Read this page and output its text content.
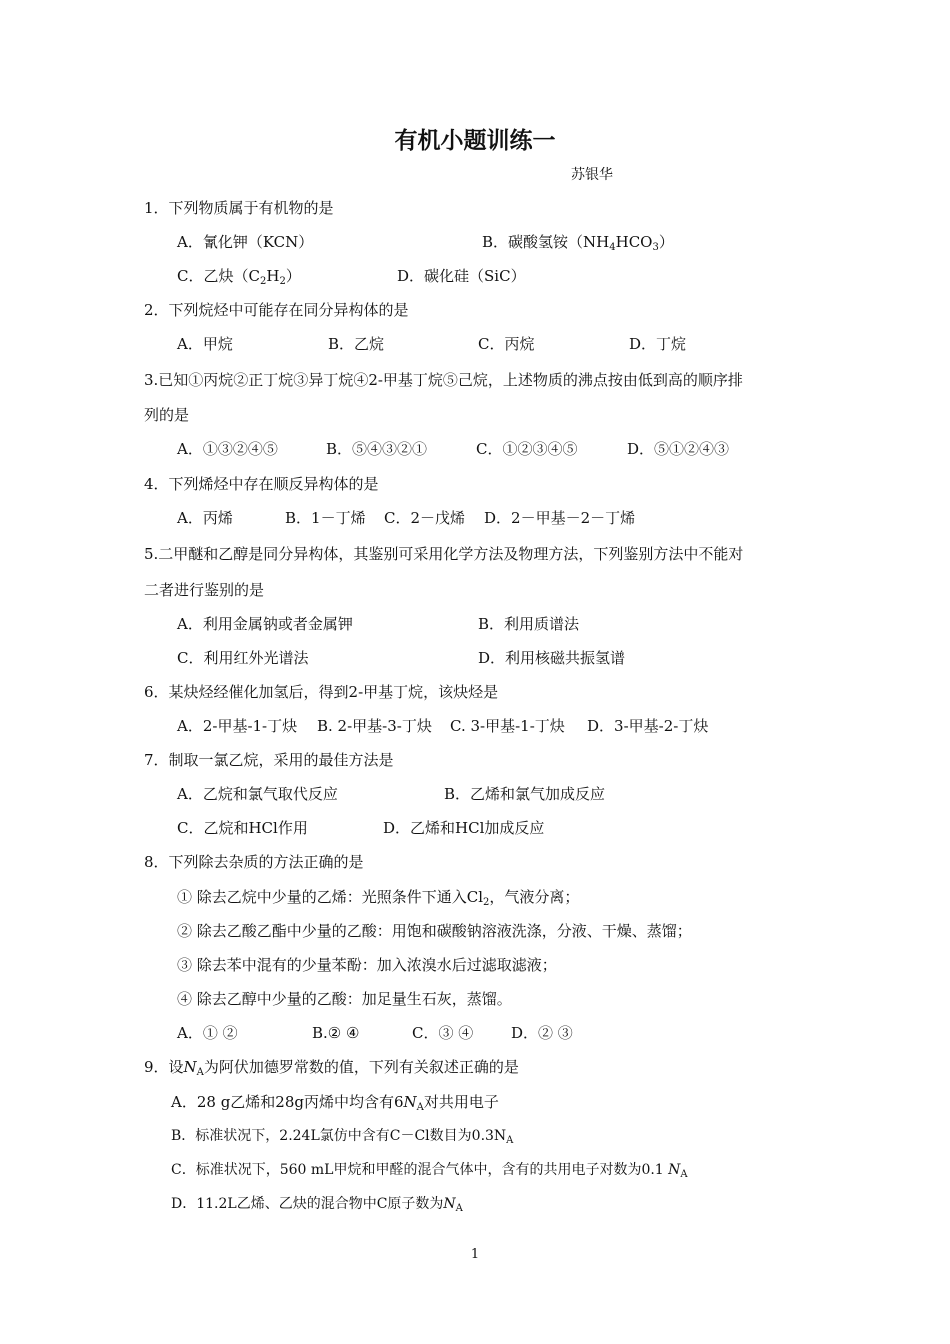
有机小题训练一
苏银华
1．下列物质属于有机物的是
A．氰化钾（KCN）	B．碳酸氢铵$(NH_4HCO_3)$
C．乙炔$(C_2H_2)$	D．碳化硅（SiC）
2．下列烷烃中可能存在同分异构体的是
A．甲烷	B．乙烷	C．丙烷	D．丁烷
3.已知①丙烷②正丁烷③异丁烷④2-甲基丁烷⑤己烷，上述物质的沸点按由低到高的顺序排
列的是
A．①③②④⑤	B．⑤④③②①	C．①②③④⑤	D．⑤①②④③
4．下列烯烃中存在顺反异构体的是
A．丙烯	B．1－丁烯 C．2－戊烯 D．2－甲基－2－丁烯
5.二甲醚和乙醇是同分异构体，其鉴别可采用化学方法及物理方法，下列鉴别方法中不能对
二者进行鉴别的是
A．利用金属钠或者金属钾	B．利用质谱法
C．利用红外光谱法	D．利用核磁共振氢谱
6．某炔烃经催化加氢后，得到2-甲基丁烷，该炔烃是
A．2-甲基-1-丁炔 B. 2-甲基-3-丁炔 C. 3-甲基-1-丁炔 D．3-甲基-2-丁炔
7．制取一氯乙烷，采用的最佳方法是
A．乙烷和氯气取代反应	B．乙烯和氯气加成反应
C．乙烷和HCl作用	D．乙烯和HCl加成反应
8．下列除去杂质的方法正确的是
① 除去乙烷中少量的乙烯：光照条件下通入$Cl_2$，气液分离；
② 除去乙酸乙酯中少量的乙酸：用饱和碳酸钠溶液洗涤，分液、干燥、蒸馏；
③ 除去苯中混有的少量苯酚：加入浓溴水后过滤取滤液；
④ 除去乙醇中少量的乙酸：加足量生石灰，蒸馏。
A．① ②	B.② ④	C．③ ④	D．② ③
9．设$N_A$为阿伏加德罗常数的值，下列有关叙述正确的是
A．28 g乙烯和28g丙烯中均含有$6N_A$对共用电子
B．标准状况下，2.24L氯仿中含有C－Cl数目为$0.3N_A$
C．标准状况下，560 mL甲烷和甲醛的混合气体中，含有的共用电子对数为0.1 $N_A$
D．11.2L乙烯、乙炔的混合物中C原子数为$N_A$
1
